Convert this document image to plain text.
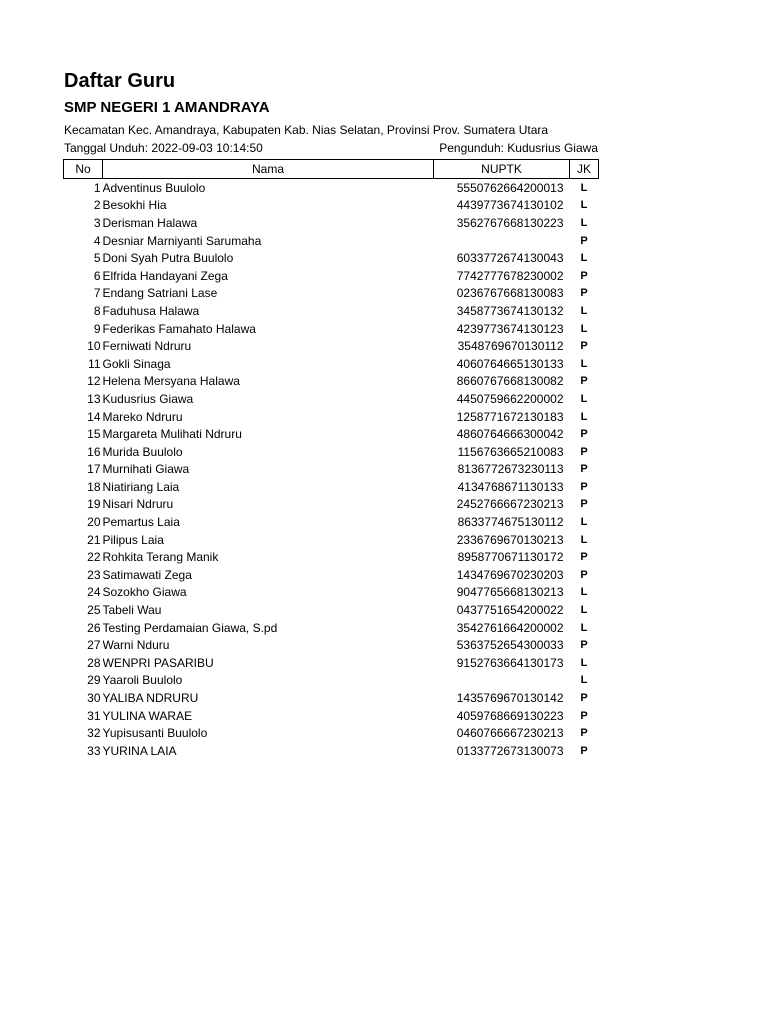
Daftar Guru
SMP NEGERI 1 AMANDRAYA
Kecamatan Kec. Amandraya, Kabupaten Kab. Nias Selatan, Provinsi Prov. Sumatera Utara
Tanggal Unduh: 2022-09-03 10:14:50	Pengunduh: Kudusrius Giawa
No	Nama	NUPTK	JK
1	Adventinus Buulolo	5550762664200013	L
2	Besokhi Hia	4439773674130102	L
3	Derisman Halawa	3562767668130223	L
4	Desniar Marniyanti Sarumaha		P
5	Doni Syah Putra Buulolo	6033772674130043	L
6	Elfrida Handayani Zega	7742777678230002	P
7	Endang Satriani Lase	0236767668130083	P
8	Faduhusa Halawa	3458773674130132	L
9	Federikas Famahato Halawa	4239773674130123	L
10	Ferniwati Ndruru	3548769670130112	P
11	Gokli Sinaga	4060764665130133	L
12	Helena Mersyana Halawa	8660767668130082	P
13	Kudusrius Giawa	4450759662200002	L
14	Mareko Ndruru	1258771672130183	L
15	Margareta Mulihati Ndruru	4860764666300042	P
16	Murida Buulolo	1156763665210083	P
17	Murnihati Giawa	8136772673230113	P
18	Niatiriang Laia	4134768671130133	P
19	Nisari Ndruru	2452766667230213	P
20	Pemartus Laia	8633774675130112	L
21	Pilipus Laia	2336769670130213	L
22	Rohkita Terang Manik	8958770671130172	P
23	Satimawati Zega	1434769670230203	P
24	Sozokho Giawa	9047765668130213	L
25	Tabeli Wau	0437751654200022	L
26	Testing Perdamaian Giawa, S.pd	3542761664200002	L
27	Warni Nduru	5363752654300033	P
28	WENPRI PASARIBU	9152763664130173	L
29	Yaaroli Buulolo		L
30	YALIBA NDRURU	1435769670130142	P
31	YULINA WARAE	4059768669130223	P
32	Yupisusanti Buulolo	0460766667230213	P
33	YURINA LAIA	0133772673130073	P
